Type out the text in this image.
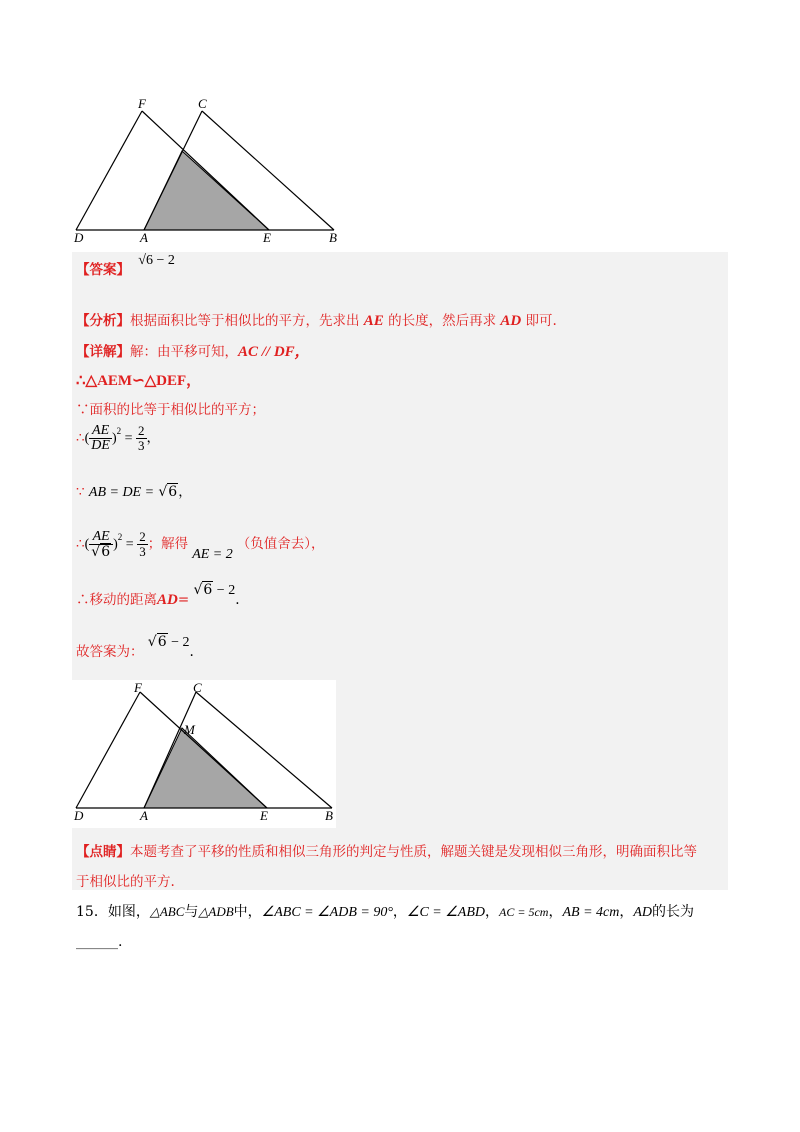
F	C
D	A	E	B
【答案】 √6 − 2
【分析】根据面积比等于相似比的平方，先求出 AE 的长度，然后再求 AD 即可.
【详解】解：由平移可知，AC // DF，
∴△AEM∽△DEF，
∵面积的比等于相似比的平方；
∴( $\frac{AE}{DE} )^2 = \frac{2}{3}$ ，
∵ AB = DE = √6，
∴( $\frac{AE}{√6} )^2 = \frac{2}{3}$ ；解得AE = 2（负值舍去），
∴移动的距离AD= √6 − 2.
故答案为： √6 − 2.
F	C
M
D	A	E	B
【点睛】本题考查了平移的性质和相似三角形的判定与性质，解题关键是发现相似三角形，明确面积比等
于相似比的平方.
15．如图，△ABC与△ADB中，∠ABC = ∠ADB = 90°，∠C = ∠ABD，AC = 5cm，AB = 4cm，AD的长为
______.
